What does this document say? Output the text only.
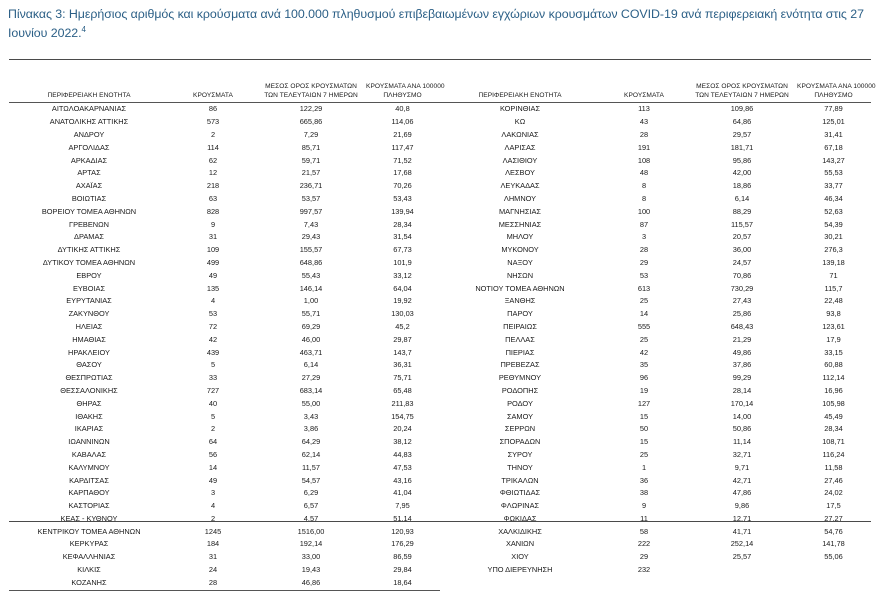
Πίνακας 3: Ημερήσιος αριθμός και κρούσματα ανά 100.000 πληθυσμού επιβεβαιωμένων εγχώριων κρουσμάτων COVID-19 ανά περιφερειακή ενότητα στις 27 Ιουνίου 2022.$^4$
ΠΕΡΙΦΕΡΕΙΑΚΗ ΕΝΟΤΗΤΑ	ΚΡΟΥΣΜΑΤΑ	ΜΕΣΟΣ ΟΡΟΣ ΚΡΟΥΣΜΑΤΩΝ
ΤΩΝ ΤΕΛΕΥΤΑΙΩΝ 7 ΗΜΕΡΩΝ	ΚΡΟΥΣΜΑΤΑ ΑΝΑ 100000
ΠΛΗΘΥΣΜΟ

ΑΙΤΩΛΟΑΚΑΡΝΑΝΙΑΣ	86	122,29	40,8
ΑΝΑΤΟΛΙΚΗΣ ΑΤΤΙΚΗΣ	573	665,86	114,06
ΑΝΔΡΟΥ	2	7,29	21,69
ΑΡΓΟΛΙΔΑΣ	114	85,71	117,47
ΑΡΚΑΔΙΑΣ	62	59,71	71,52
ΑΡΤΑΣ	12	21,57	17,68
ΑΧΑΪΑΣ	218	236,71	70,26
ΒΟΙΩΤΙΑΣ	63	53,57	53,43
ΒΟΡΕΙΟΥ ΤΟΜΕΑ ΑΘΗΝΩΝ	828	997,57	139,94
ΓΡΕΒΕΝΩΝ	9	7,43	28,34
ΔΡΑΜΑΣ	31	29,43	31,54
ΔΥΤΙΚΗΣ ΑΤΤΙΚΗΣ	109	155,57	67,73
ΔΥΤΙΚΟΥ ΤΟΜΕΑ ΑΘΗΝΩΝ	499	648,86	101,9
ΕΒΡΟΥ	49	55,43	33,12
ΕΥΒΟΙΑΣ	135	146,14	64,04
ΕΥΡΥΤΑΝΙΑΣ	4	1,00	19,92
ΖΑΚΥΝΘΟΥ	53	55,71	130,03
ΗΛΕΙΑΣ	72	69,29	45,2
ΗΜΑΘΙΑΣ	42	46,00	29,87
ΗΡΑΚΛΕΙΟΥ	439	463,71	143,7
ΘΑΣΟΥ	5	6,14	36,31
ΘΕΣΠΡΩΤΙΑΣ	33	27,29	75,71
ΘΕΣΣΑΛΟΝΙΚΗΣ	727	683,14	65,48
ΘΗΡΑΣ	40	55,00	211,83
ΙΘΑΚΗΣ	5	3,43	154,75
ΙΚΑΡΙΑΣ	2	3,86	20,24
ΙΩΑΝΝΙΝΩΝ	64	64,29	38,12
ΚΑΒΑΛΑΣ	56	62,14	44,83
ΚΑΛΥΜΝΟΥ	14	11,57	47,53
ΚΑΡΔΙΤΣΑΣ	49	54,57	43,16
ΚΑΡΠΑΘΟΥ	3	6,29	41,04
ΚΑΣΤΟΡΙΑΣ	4	6,57	7,95
ΚΕΑΣ - ΚΥΘΝΟΥ	2	4,57	51,14
ΚΕΝΤΡΙΚΟΥ ΤΟΜΕΑ ΑΘΗΝΩΝ	1245	1516,00	120,93
ΚΕΡΚΥΡΑΣ	184	192,14	176,29
ΚΕΦΑΛΛΗΝΙΑΣ	31	33,00	86,59
ΚΙΛΚΙΣ	24	19,43	29,84
ΚΟΖΑΝΗΣ	28	46,86	18,64
ΠΕΡΙΦΕΡΕΙΑΚΗ ΕΝΟΤΗΤΑ	ΚΡΟΥΣΜΑΤΑ	ΜΕΣΟΣ ΟΡΟΣ ΚΡΟΥΣΜΑΤΩΝ
ΤΩΝ ΤΕΛΕΥΤΑΙΩΝ 7 ΗΜΕΡΩΝ	ΚΡΟΥΣΜΑΤΑ ΑΝΑ 100000
ΠΛΗΘΥΣΜΟ

ΚΟΡΙΝΘΙΑΣ	113	109,86	77,89
ΚΩ	43	64,86	125,01
ΛΑΚΩΝΙΑΣ	28	29,57	31,41
ΛΑΡΙΣΑΣ	191	181,71	67,18
ΛΑΣΙΘΙΟΥ	108	95,86	143,27
ΛΕΣΒΟΥ	48	42,00	55,53
ΛΕΥΚΑΔΑΣ	8	18,86	33,77
ΛΗΜΝΟΥ	8	6,14	46,34
ΜΑΓΝΗΣΙΑΣ	100	88,29	52,63
ΜΕΣΣΗΝΙΑΣ	87	115,57	54,39
ΜΗΛΟΥ	3	20,57	30,21
ΜΥΚΟΝΟΥ	28	36,00	276,3
ΝΑΞΟΥ	29	24,57	139,18
ΝΗΣΩΝ	53	70,86	71
ΝΟΤΙΟΥ ΤΟΜΕΑ ΑΘΗΝΩΝ	613	730,29	115,7
ΞΑΝΘΗΣ	25	27,43	22,48
ΠΑΡΟΥ	14	25,86	93,8
ΠΕΙΡΑΙΩΣ	555	648,43	123,61
ΠΕΛΛΑΣ	25	21,29	17,9
ΠΙΕΡΙΑΣ	42	49,86	33,15
ΠΡΕΒΕΖΑΣ	35	37,86	60,88
ΡΕΘΥΜΝΟΥ	96	99,29	112,14
ΡΟΔΟΠΗΣ	19	28,14	16,96
ΡΟΔΟΥ	127	170,14	105,98
ΣΑΜΟΥ	15	14,00	45,49
ΣΕΡΡΩΝ	50	50,86	28,34
ΣΠΟΡΑΔΩΝ	15	11,14	108,71
ΣΥΡΟΥ	25	32,71	116,24
ΤΗΝΟΥ	1	9,71	11,58
ΤΡΙΚΑΛΩΝ	36	42,71	27,46
ΦΘΙΩΤΙΔΑΣ	38	47,86	24,02
ΦΛΩΡΙΝΑΣ	9	9,86	17,5
ΦΩΚΙΔΑΣ	11	12,71	27,27
ΧΑΛΚΙΔΙΚΗΣ	58	41,71	54,76
ΧΑΝΙΩΝ	222	252,14	141,78
ΧΙΟΥ	29	25,57	55,06
ΥΠΟ ΔΙΕΡΕΥΝΗΣΗ	232		
